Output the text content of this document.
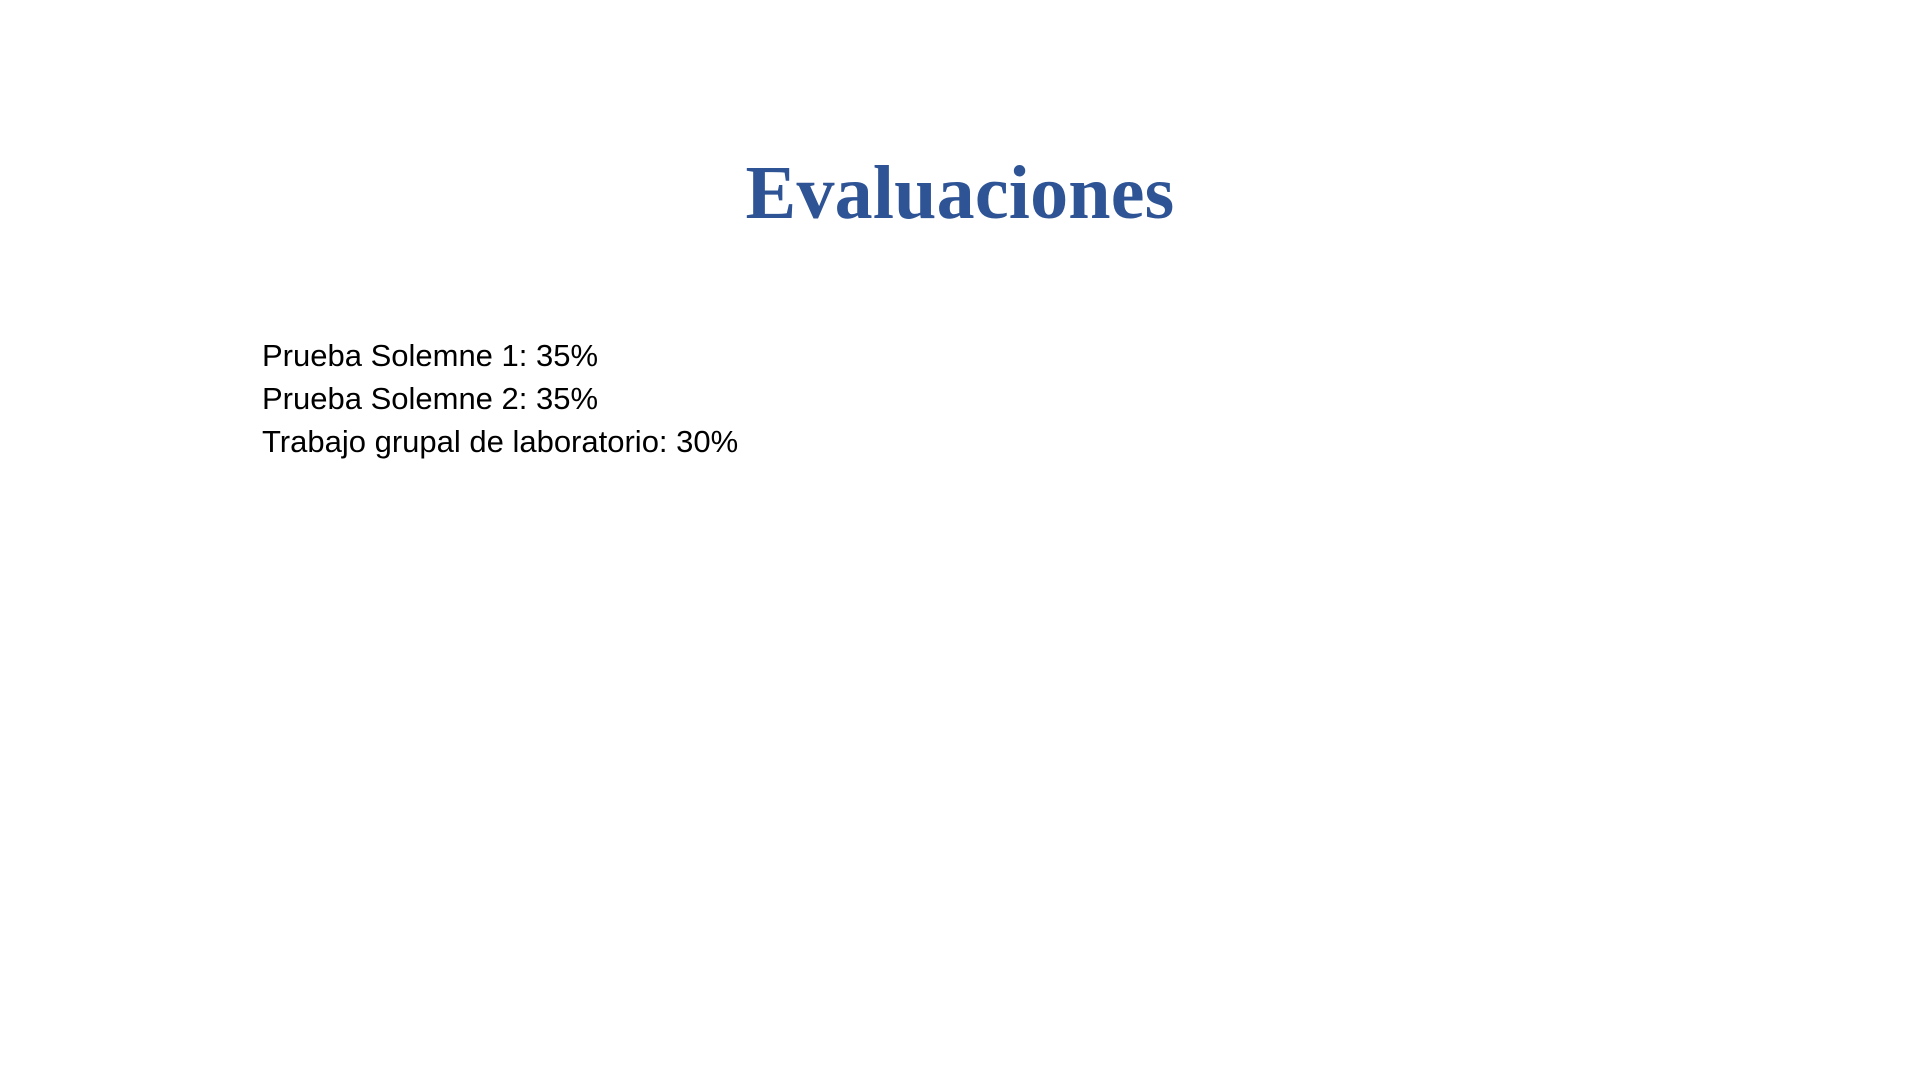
Evaluaciones
Prueba Solemne 1: 35%
Prueba Solemne 2: 35%
Trabajo grupal de laboratorio: 30%
